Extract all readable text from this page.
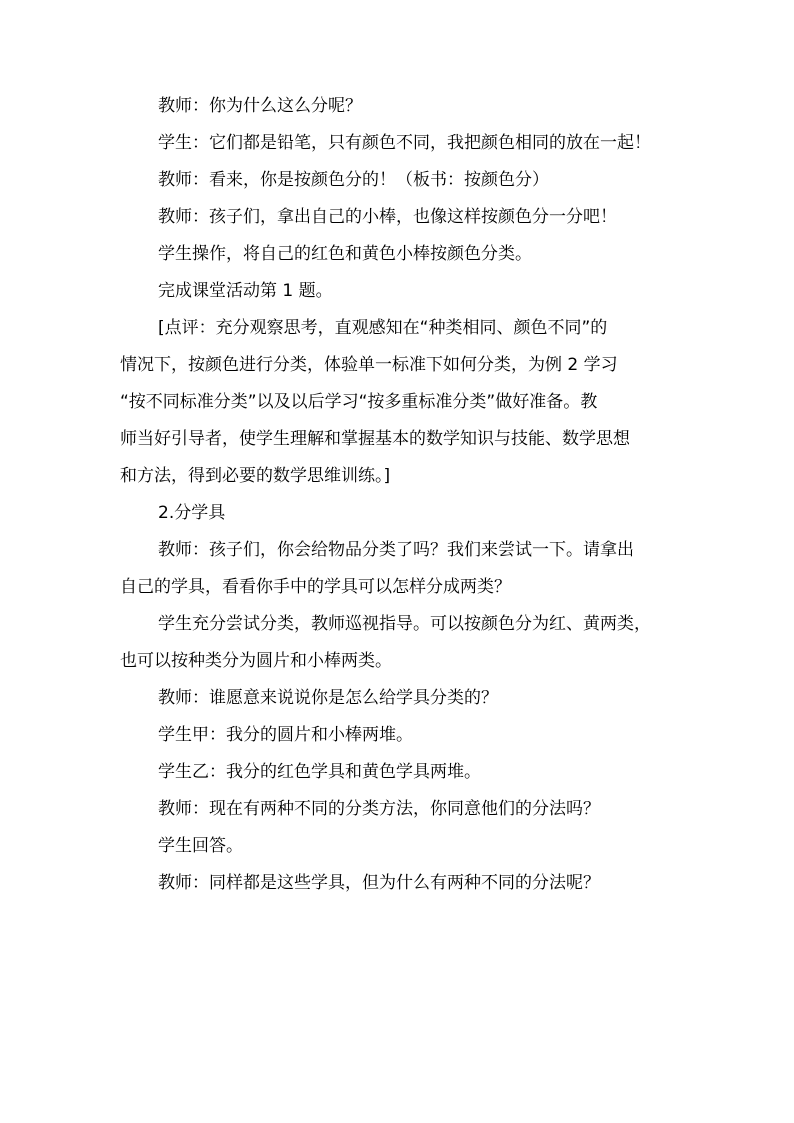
教师：你为什么这么分呢？
学生：它们都是铅笔，只有颜色不同，我把颜色相同的放在一起！
教师：看来，你是按颜色分的！（板书：按颜色分）
教师：孩子们，拿出自己的小棒，也像这样按颜色分一分吧！
学生操作，将自己的红色和黄色小棒按颜色分类。
完成课堂活动第 1 题。
[点评：充分观察思考，直观感知在“种类相同、颜色不同”的
情况下，按颜色进行分类，体验单一标准下如何分类，为例 2 学习
“按不同标准分类”以及以后学习“按多重标准分类”做好准备。教
师当好引导者，使学生理解和掌握基本的数学知识与技能、数学思想
和方法，得到必要的数学思维训练。]
2.分学具
教师：孩子们，你会给物品分类了吗？我们来尝试一下。请拿出
自己的学具，看看你手中的学具可以怎样分成两类？
学生充分尝试分类，教师巡视指导。可以按颜色分为红、黄两类，
也可以按种类分为圆片和小棒两类。
教师：谁愿意来说说你是怎么给学具分类的？
学生甲：我分的圆片和小棒两堆。
学生乙：我分的红色学具和黄色学具两堆。
教师：现在有两种不同的分类方法，你同意他们的分法吗？
学生回答。
教师：同样都是这些学具，但为什么有两种不同的分法呢？
